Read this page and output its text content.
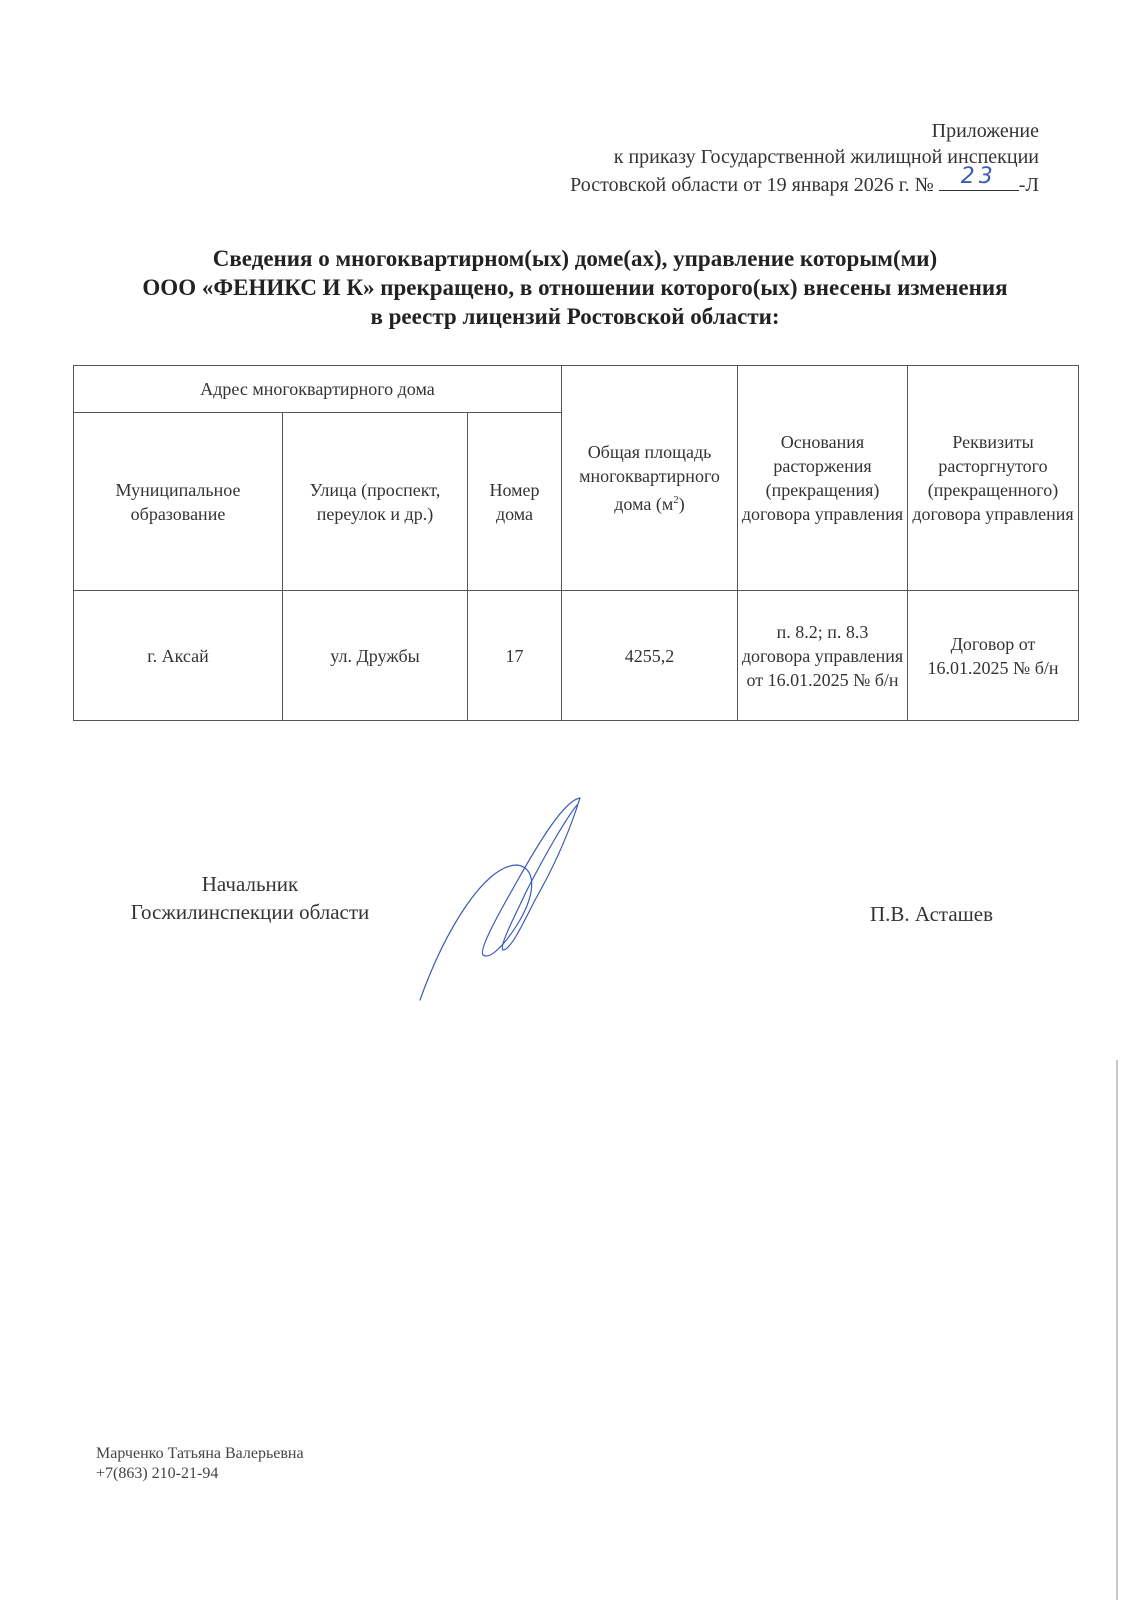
Приложение
к приказу Государственной жилищной инспекции
Ростовской области от 19 января 2026 г. №	23	-Л
Сведения о многоквартирном(ых) доме(ах), управление которым(ми)
ООО «ФЕНИКС И К» прекращено, в отношении которого(ых) внесены изменения
в реестр лицензий Ростовской области:
Адрес многоквартирного дома			Общая площадь многоквартирного дома $(м^2)$	Основания расторжения (прекращения) договора управления	Реквизиты расторгнутого (прекращенного) договора управления
Муниципальное образование	Улица (проспект, переулок и др.)	Номер дома			
г. Аксай	ул. Дружбы	17	4255,2	п. 8.2; п. 8.3 договора управления от 16.01.2025 № б/н	Договор от 16.01.2025 № б/н
Начальник
Госжилинспекции области	П.В. Асташев
Марченко Татьяна Валерьевна
+7(863) 210-21-94
